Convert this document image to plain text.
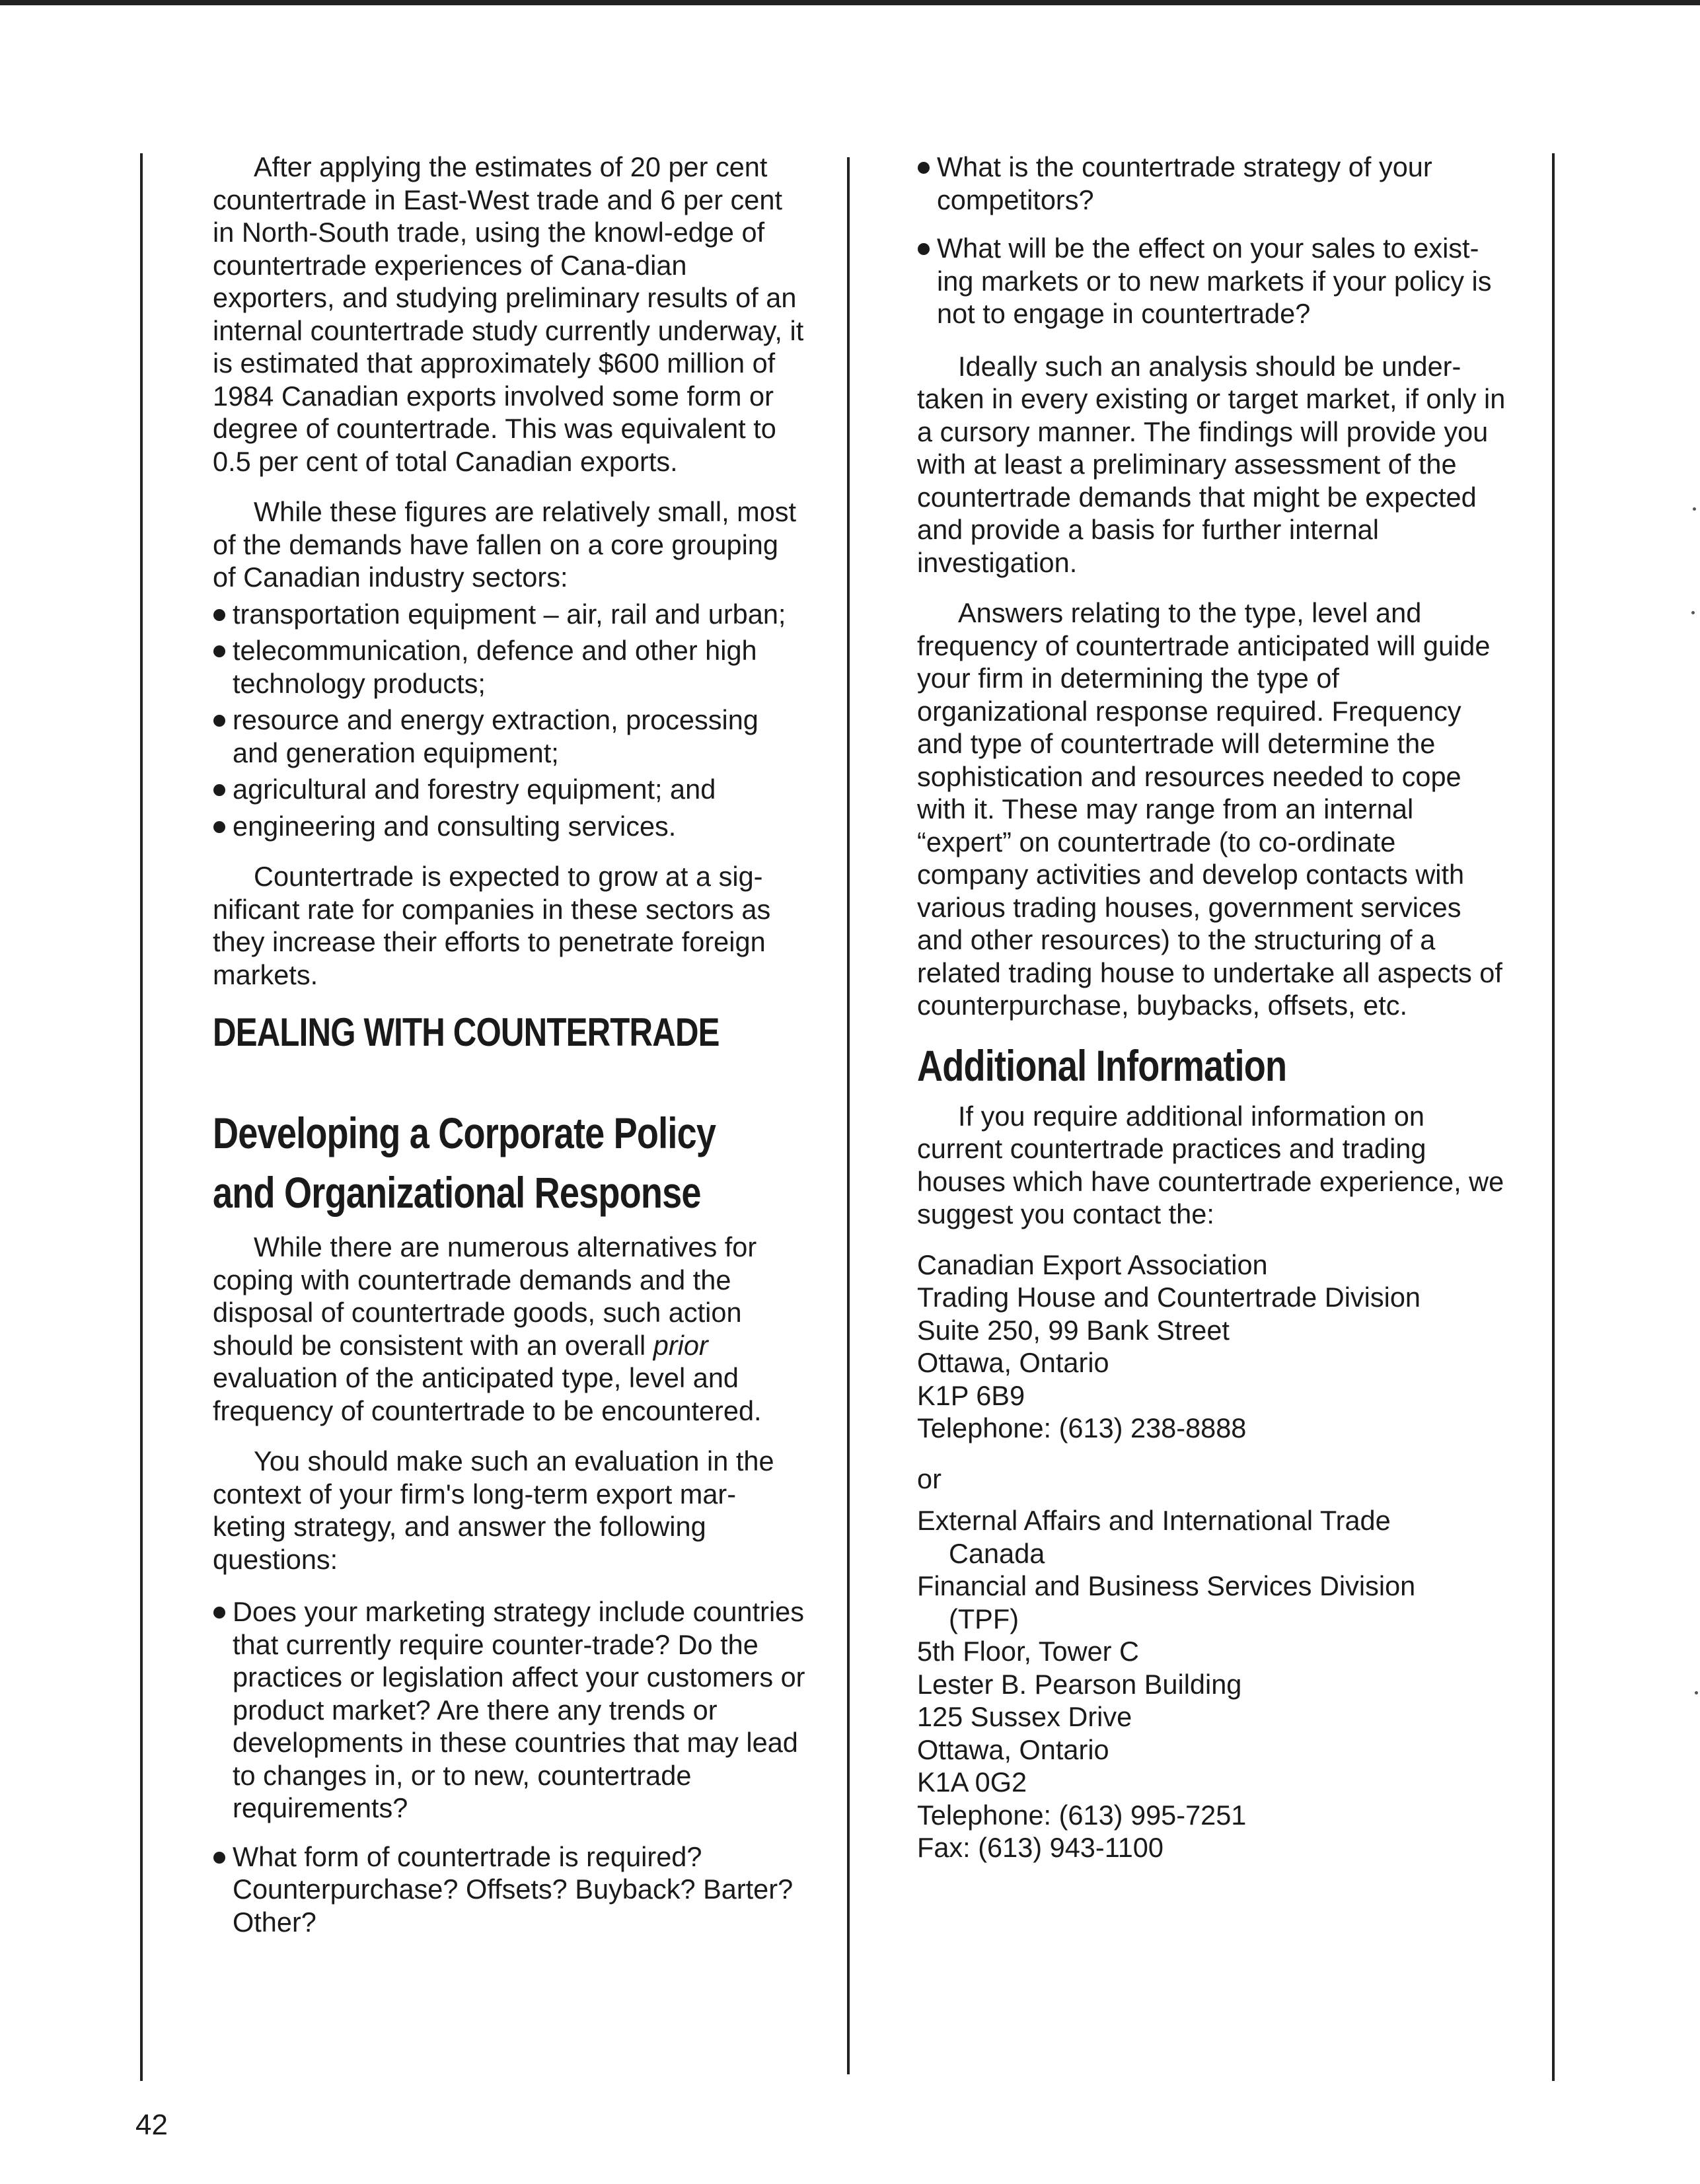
After applying the estimates of 20 per cent countertrade in East-West trade and 6 per cent in North-South trade, using the knowl-edge of countertrade experiences of Cana-dian exporters, and studying preliminary results of an internal countertrade study currently underway, it is estimated that approximately $600 million of 1984 Canadian exports involved some form or degree of countertrade. This was equivalent to 0.5 per cent of total Canadian exports.

While these figures are relatively small, most of the demands have fallen on a core grouping of Canadian industry sectors:

transportation equipment – air, rail and urban;
telecommunication, defence and other high technology products;
resource and energy extraction, processing and generation equipment;
agricultural and forestry equipment; and
engineering and consulting services.

Countertrade is expected to grow at a sig-nificant rate for companies in these sectors as they increase their efforts to penetrate foreign markets.

DEALING WITH COUNTERTRADE
Developing a Corporate Policy
and Organizational Response

While there are numerous alternatives for coping with countertrade demands and the disposal of countertrade goods, such action should be consistent with an overall prior evaluation of the anticipated type, level and frequency of countertrade to be encountered.

You should make such an evaluation in the context of your firm's long-term export mar-keting strategy, and answer the following questions:

Does your marketing strategy include countries that currently require counter-trade? Do the practices or legislation affect your customers or product market? Are there any trends or developments in these countries that may lead to changes in, or to new, countertrade requirements?
What form of countertrade is required? Counterpurchase? Offsets? Buyback? Barter? Other?
What is the countertrade strategy of your competitors?
What will be the effect on your sales to exist-ing markets or to new markets if your policy is not to engage in countertrade?

Ideally such an analysis should be under-taken in every existing or target market, if only in a cursory manner. The findings will provide you with at least a preliminary assessment of the countertrade demands that might be expected and provide a basis for further internal investigation.

Answers relating to the type, level and frequency of countertrade anticipated will guide your firm in determining the type of organizational response required. Frequency and type of countertrade will determine the sophistication and resources needed to cope with it. These may range from an internal “expert” on countertrade (to co-ordinate company activities and develop contacts with various trading houses, government services and other resources) to the structuring of a related trading house to undertake all aspects of counterpurchase, buybacks, offsets, etc.

Additional Information

If you require additional information on current countertrade practices and trading houses which have countertrade experience, we suggest you contact the:

Canadian Export Association
Trading House and Countertrade Division
Suite 250, 99 Bank Street
Ottawa, Ontario
K1P 6B9
Telephone: (613) 238-8888

or

External Affairs and International Trade
Canada
Financial and Business Services Division
(TPF)
5th Floor, Tower C
Lester B. Pearson Building
125 Sussex Drive
Ottawa, Ontario
K1A 0G2
Telephone: (613) 995-7251
Fax: (613) 943-1100
42
